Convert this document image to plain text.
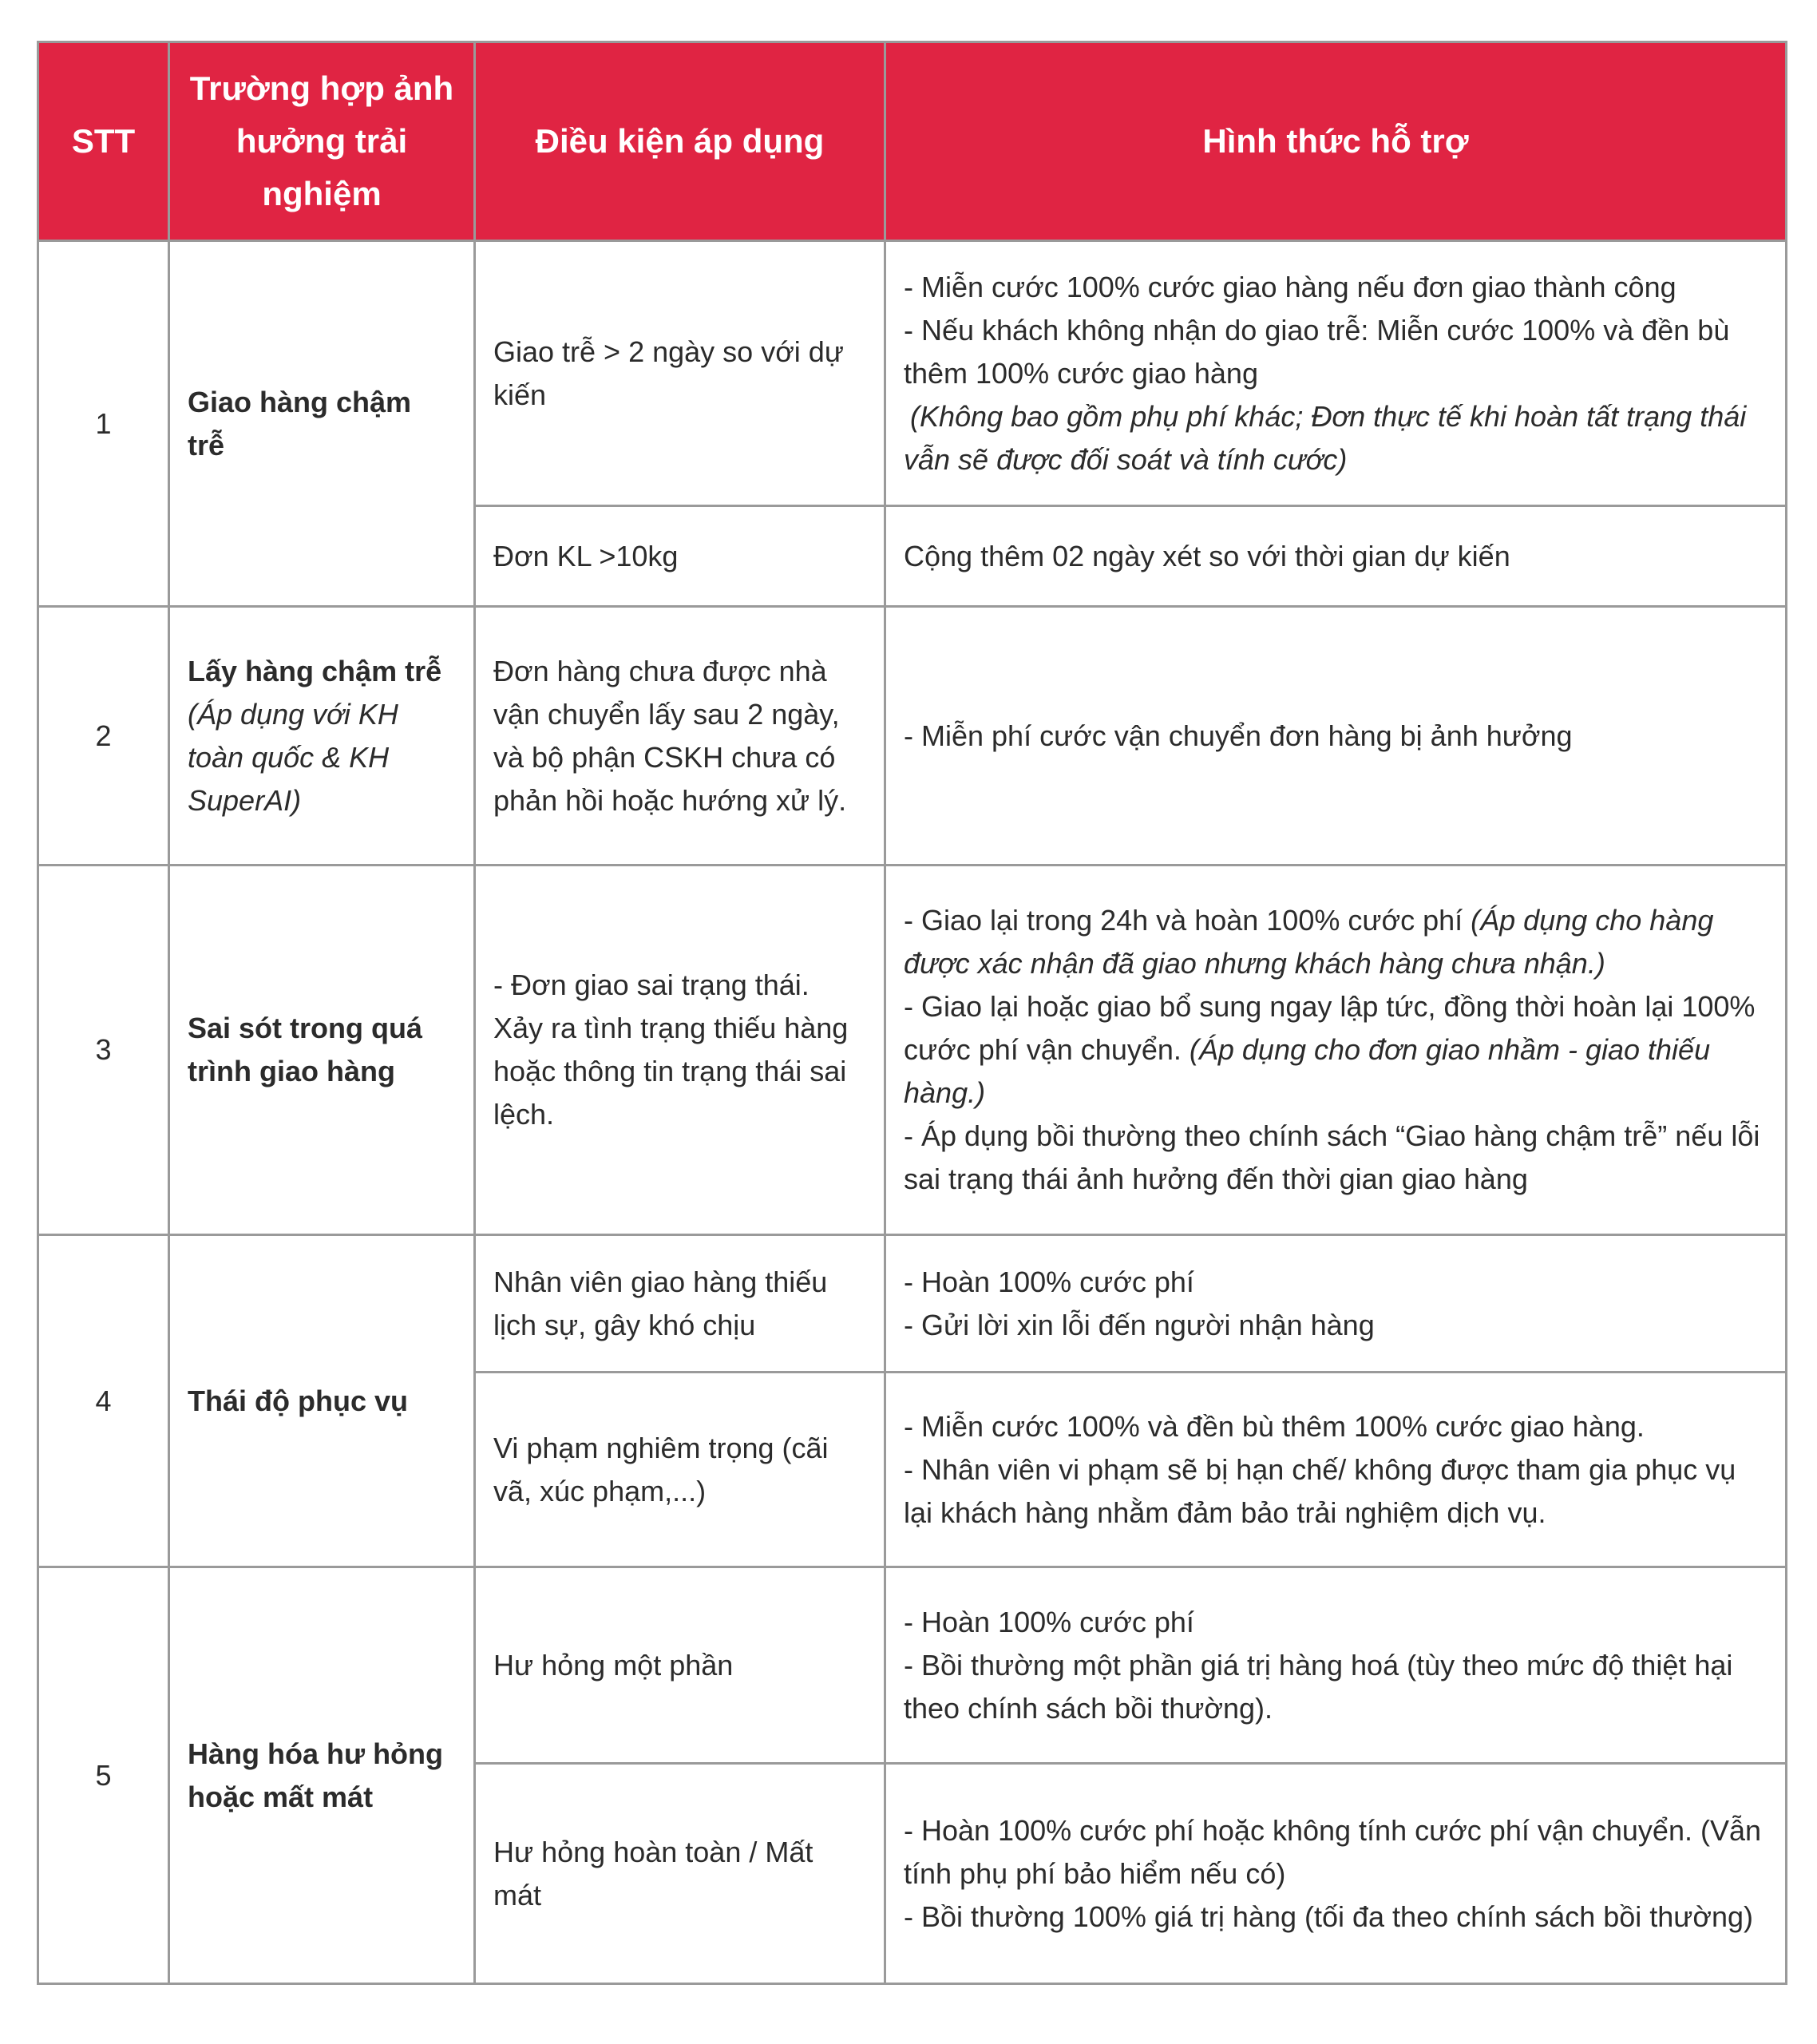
STT	Trường hợp ảnh hưởng trải nghiệm	Điều kiện áp dụng	Hình thức hỗ trợ
1	Giao hàng chậm trễ	Giao trễ > 2 ngày so với dự kiến	- Miễn cước 100% cước giao hàng nếu đơn giao thành công
- Nếu khách không nhận do giao trễ: Miễn cước 100% và đền bù thêm 100% cước giao hàng
(Không bao gồm phụ phí khác; Đơn thực tế khi hoàn tất trạng thái vẫn sẽ được đối soát và tính cước)

		Đơn KL >10kg	Cộng thêm 02 ngày xét so với thời gian dự kiến
2	Lấy hàng chậm trễ (Áp dụng với KH toàn quốc & KH SuperAI)	Đơn hàng chưa được nhà vận chuyển lấy sau 2 ngày, và bộ phận CSKH chưa có phản hồi hoặc hướng xử lý.	- Miễn phí cước vận chuyển đơn hàng bị ảnh hưởng
3	Sai sót trong quá trình giao hàng	- Đơn giao sai trạng thái. Xảy ra tình trạng thiếu hàng hoặc thông tin trạng thái sai lệch.	- Giao lại trong 24h và hoàn 100% cước phí (Áp dụng cho hàng được xác nhận đã giao nhưng khách hàng chưa nhận.)
- Giao lại hoặc giao bổ sung ngay lập tức, đồng thời hoàn lại 100% cước phí vận chuyển. (Áp dụng cho đơn giao nhầm - giao thiếu hàng.)
- Áp dụng bồi thường theo chính sách “Giao hàng chậm trễ” nếu lỗi sai trạng thái ảnh hưởng đến thời gian giao hàng

4	Thái độ phục vụ	Nhân viên giao hàng thiếu lịch sự, gây khó chịu	- Hoàn 100% cước phí
- Gửi lời xin lỗi đến người nhận hàng

		Vi phạm nghiêm trọng (cãi vã, xúc phạm,...)	- Miễn cước 100% và đền bù thêm 100% cước giao hàng.
- Nhân viên vi phạm sẽ bị hạn chế/ không được tham gia phục vụ lại khách hàng nhằm đảm bảo trải nghiệm dịch vụ.

5	Hàng hóa hư hỏng hoặc mất mát	Hư hỏng một phần	- Hoàn 100% cước phí
- Bồi thường một phần giá trị hàng hoá (tùy theo mức độ thiệt hại theo chính sách bồi thường).

		Hư hỏng hoàn toàn / Mất mát	- Hoàn 100% cước phí hoặc không tính cước phí vận chuyển. (Vẫn tính phụ phí bảo hiểm nếu có)
- Bồi thường 100% giá trị hàng (tối đa theo chính sách bồi thường)
